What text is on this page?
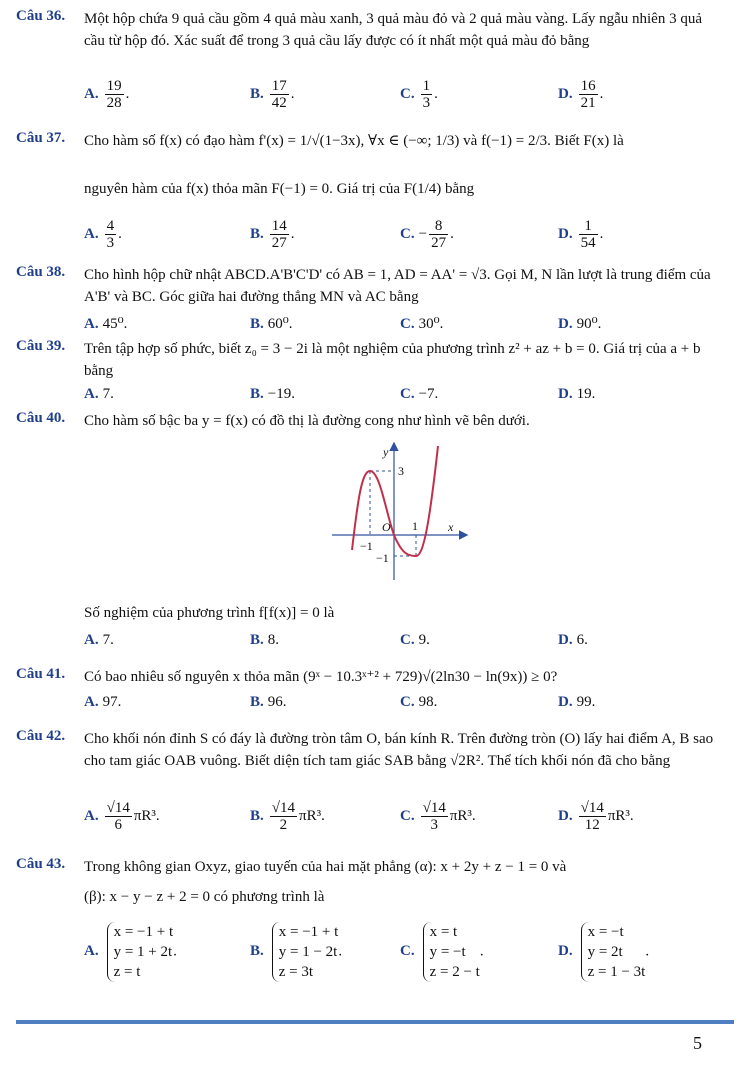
Câu 36. Một hộp chứa 9 quả cầu gồm 4 quả màu xanh, 3 quả màu đỏ và 2 quả màu vàng. Lấy ngẫu nhiên 3 quả cầu từ hộp đó. Xác suất để trong 3 quả cầu lấy được có ít nhất một quả màu đỏ bằng
A. $\frac{19}{28}$ .	B. $\frac{17}{42}$ .	C. $\frac{1}{3}$ .	D. $\frac{16}{21}$ .
Câu 37. Cho hàm số f(x) có đạo hàm f'(x) = 1/√(1−3x), ∀x ∈ (−∞; 1/3) và f(−1) = 2/3. Biết F(x) là
nguyên hàm của f(x) thỏa mãn F(−1) = 0. Giá trị của F(1/4) bằng
A. $\frac{4}{3}$ .	B. $\frac{14}{27}$ .	C. − $\frac{8}{27}$ .	D. $\frac{1}{54}$ .
Câu 38. Cho hình hộp chữ nhật ABCD.A'B'C'D' có AB = 1, AD = AA' = √3. Gọi M, N lần lượt là trung điểm của A'B' và BC. Góc giữa hai đường thẳng MN và AC bằng
A. 45⁰.	B. 60⁰.	C. 30⁰.	D. 90⁰.
Câu 39. Trên tập hợp số phức, biết z₀ = 3 − 2i là một nghiệm của phương trình z² + az + b = 0. Giá trị của a + b bằng
A. 7.	B. −19.	C. −7.	D. 19.
Câu 40. Cho hàm số bậc ba y = f(x) có đồ thị là đường cong như hình vẽ bên dưới.
y
x
O
3
1
−1
−1
Số nghiệm của phương trình f[f(x)] = 0 là
A. 7.	B. 8.	C. 9.	D. 6.
Câu 41. Có bao nhiêu số nguyên x thỏa mãn (9ˣ − 10.3ˣ⁺² + 729)√(2ln30 − ln(9x)) ≥ 0?
A. 97.	B. 96.	C. 98.	D. 99.
Câu 42. Cho khối nón đỉnh S có đáy là đường tròn tâm O, bán kính R. Trên đường tròn (O) lấy hai điểm A, B sao cho tam giác OAB vuông. Biết diện tích tam giác SAB bằng √2R². Thể tích khối nón đã cho bằng
A. $\frac{√14}{6} \pi R^3$.	B. $\frac{√14}{2} \pi R^3$.	C. $\frac{√14}{3} \pi R^3$.	D. $\frac{√14}{12} \pi R^3$.
Câu 43. Trong không gian Oxyz, giao tuyến của hai mặt phẳng (α): x + 2y + z − 1 = 0 và
(β): x − y − z + 2 = 0 có phương trình là
A.
x = −1 + t
y = 1 + 2t
z = t
.	B.
x = −1 + t
y = 1 − 2t
z = 3t
.	C.
x = t
y = −t
z = 2 − t
.	D.
x = −t
y = 2t
z = 1 − 3t
.
5
